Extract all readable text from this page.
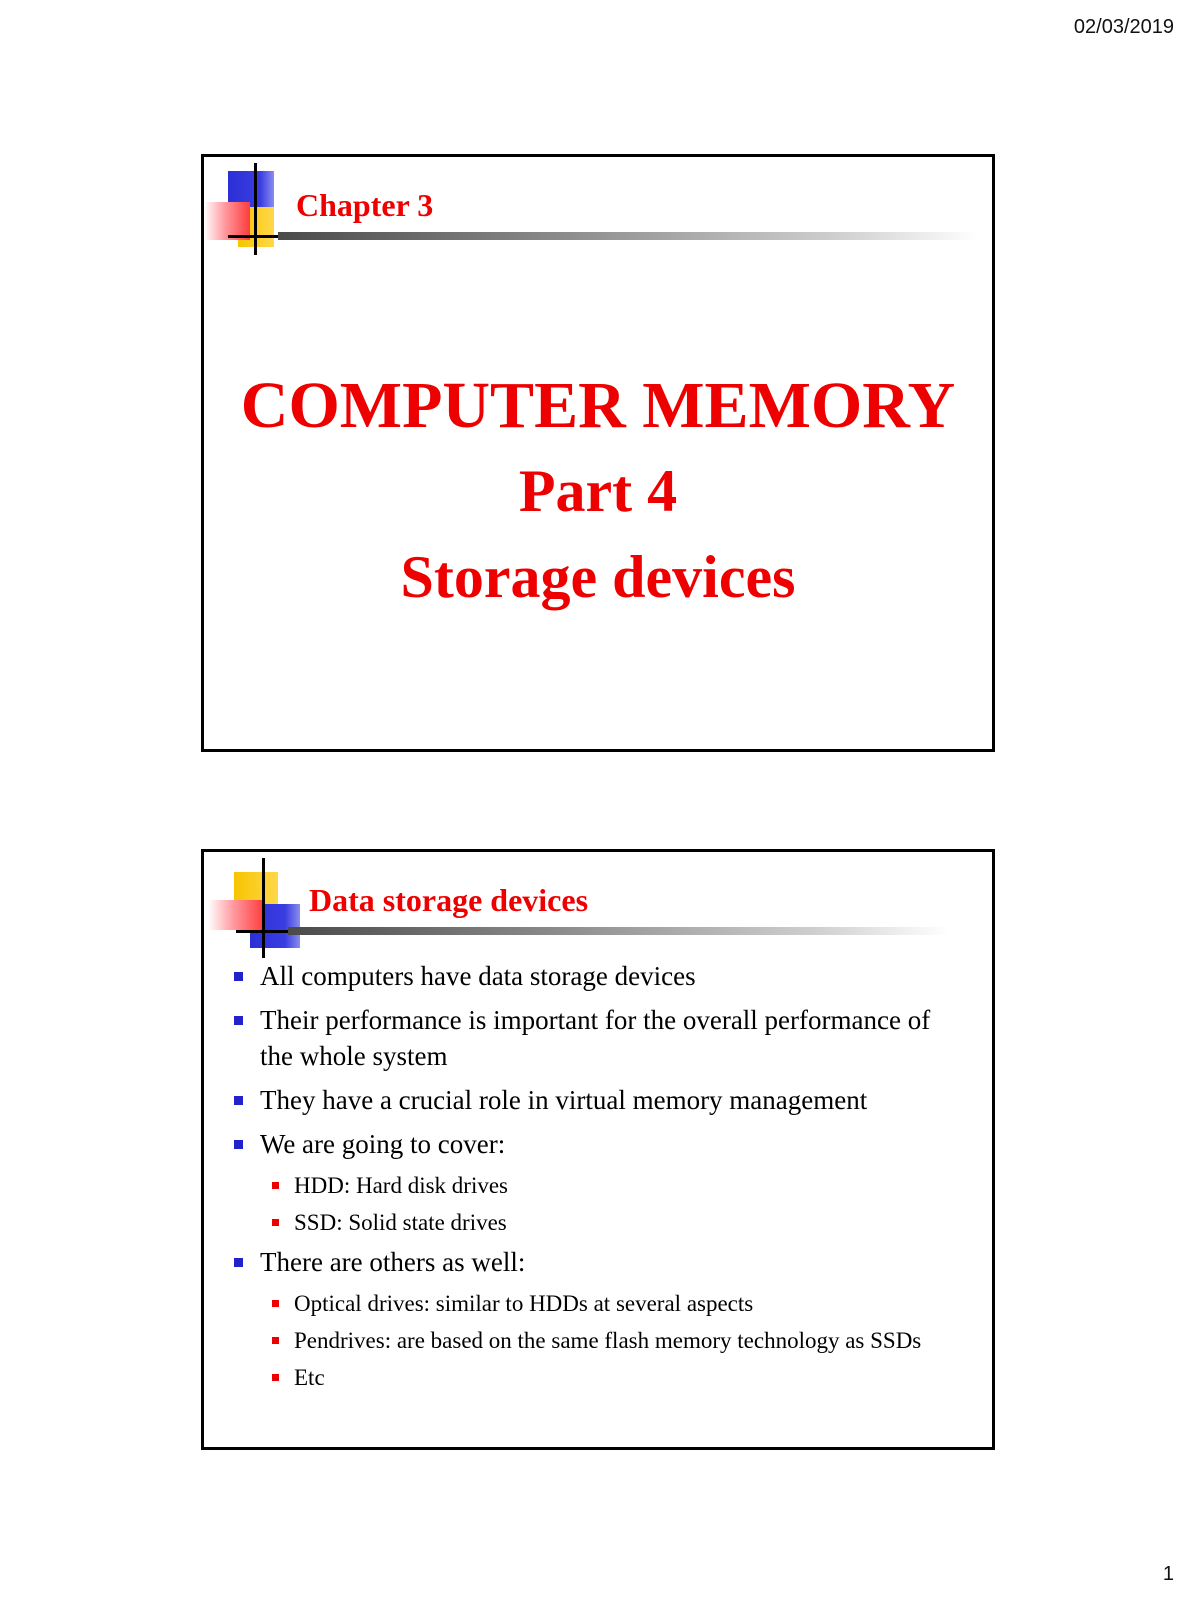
02/03/2019
Chapter 3
COMPUTER MEMORY
Part 4
Storage devices
Data storage devices
All computers have data storage devices
Their performance is important for the overall performance of the whole system
They have a crucial role in virtual memory management
We are going to cover:
HDD: Hard disk drives
SSD: Solid state drives
There are others as well:
Optical drives: similar to HDDs at several aspects
Pendrives: are based on the same flash memory technology as SSDs
Etc
1
